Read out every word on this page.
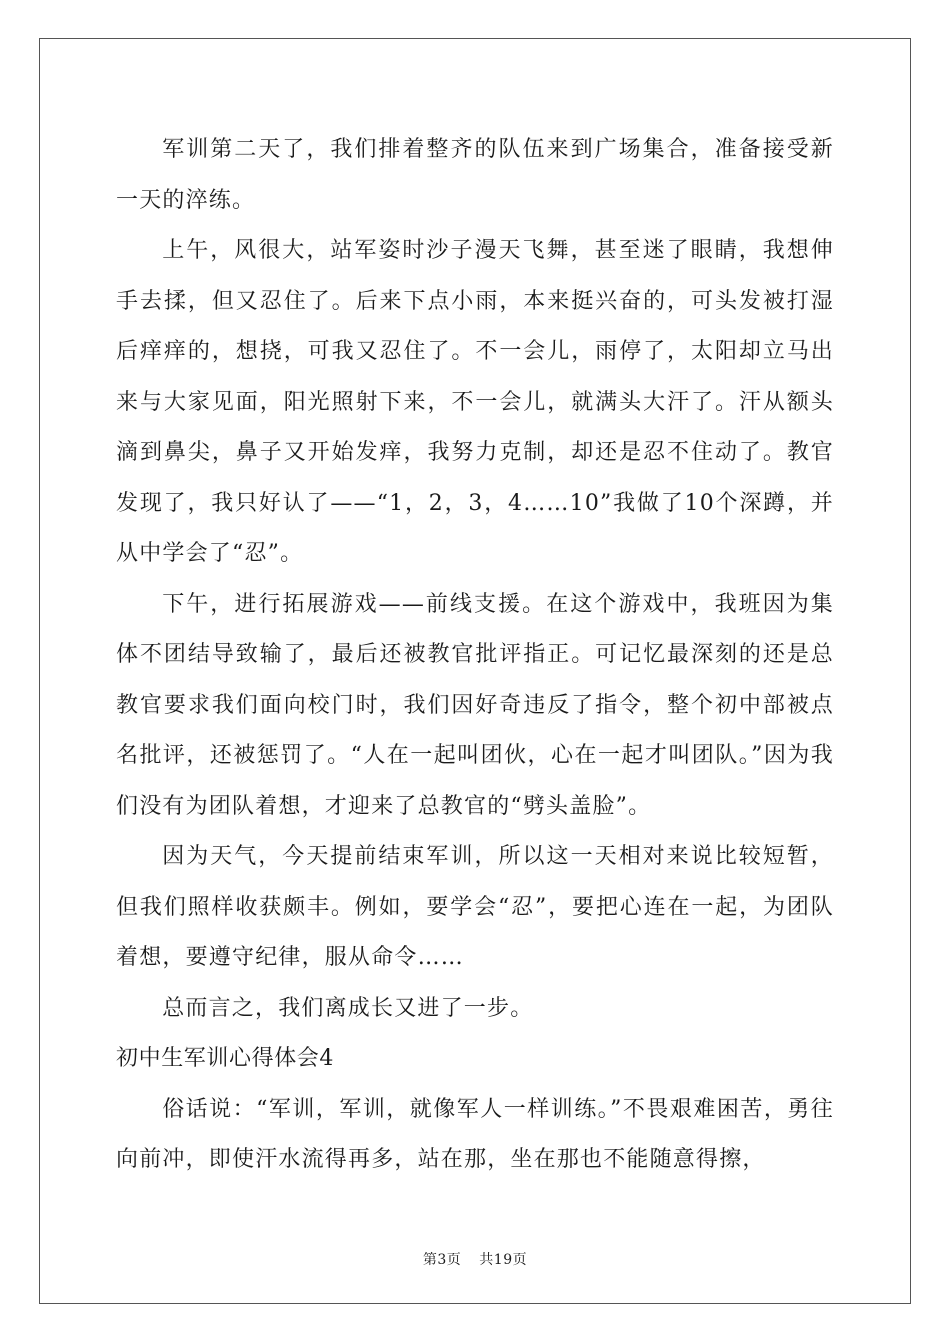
军训第二天了，我们排着整齐的队伍来到广场集合，准备接受新一天的淬练。

上午，风很大，站军姿时沙子漫天飞舞，甚至迷了眼睛，我想伸手去揉，但又忍住了。后来下点小雨，本来挺兴奋的，可头发被打湿后痒痒的，想挠，可我又忍住了。不一会儿，雨停了，太阳却立马出来与大家见面，阳光照射下来，不一会儿，就满头大汗了。汗从额头滴到鼻尖，鼻子又开始发痒，我努力克制，却还是忍不住动了。教官发现了，我只好认了——“1，2，3，4……10”我做了10个深蹲，并从中学会了“忍”。

下午，进行拓展游戏——前线支援。在这个游戏中，我班因为集体不团结导致输了，最后还被教官批评指正。可记忆最深刻的还是总教官要求我们面向校门时，我们因好奇违反了指令，整个初中部被点名批评，还被惩罚了。“人在一起叫团伙，心在一起才叫团队。”因为我们没有为团队着想，才迎来了总教官的“劈头盖脸”。

因为天气，今天提前结束军训，所以这一天相对来说比较短暂，但我们照样收获颇丰。例如，要学会“忍”，要把心连在一起，为团队着想，要遵守纪律，服从命令……

总而言之，我们离成长又进了一步。

初中生军训心得体会4

俗话说：“军训，军训，就像军人一样训练。”不畏艰难困苦，勇往向前冲，即使汗水流得再多，站在那，坐在那也不能随意得擦，

第3页 共19页
